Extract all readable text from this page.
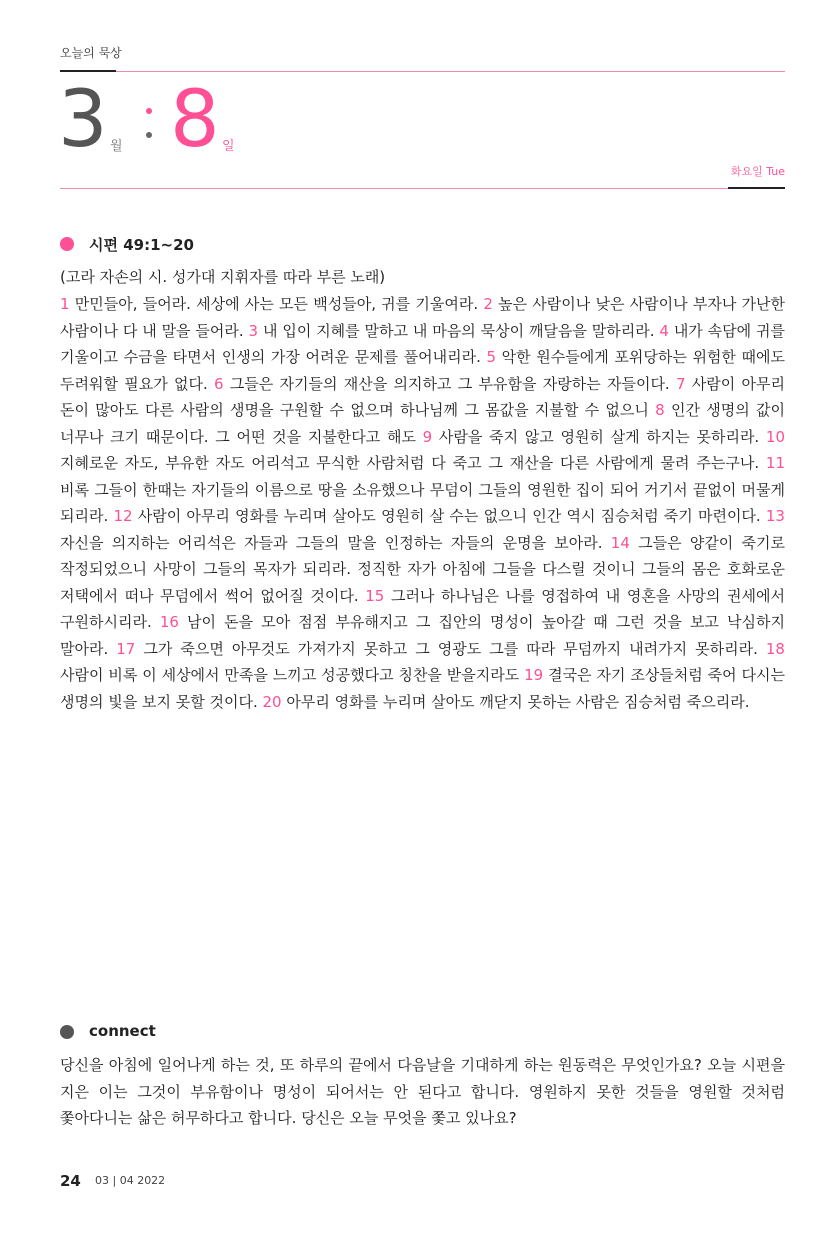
오늘의 묵상
3 월 8 일
화요일 Tue
시편 49:1~20
(고라 자손의 시. 성가대 지휘자를 따라 부른 노래)
1 만민들아, 들어라. 세상에 사는 모든 백성들아, 귀를 기울여라. 2 높은 사람이나 낮은 사람이나 부자나 가난한 사람이나 다 내 말을 들어라. 3 내 입이 지혜를 말하고 내 마음의 묵상이 깨달음을 말하리라. 4 내가 속담에 귀를 기울이고 수금을 타면서 인생의 가장 어려운 문제를 풀어내리라. 5 악한 원수들에게 포위당하는 위험한 때에도 두려워할 필요가 없다. 6 그들은 자기들의 재산을 의지하고 그 부유함을 자랑하는 자들이다. 7 사람이 아무리 돈이 많아도 다른 사람의 생명을 구원할 수 없으며 하나님께 그 몸값을 지불할 수 없으니 8 인간 생명의 값이 너무나 크기 때문이다. 그 어떤 것을 지불한다고 해도 9 사람을 죽지 않고 영원히 살게 하지는 못하리라. 10 지혜로운 자도, 부유한 자도 어리석고 무식한 사람처럼 다 죽고 그 재산을 다른 사람에게 물려 주는구나. 11 비록 그들이 한때는 자기들의 이름으로 땅을 소유했으나 무덤이 그들의 영원한 집이 되어 거기서 끝없이 머물게 되리라. 12 사람이 아무리 영화를 누리며 살아도 영원히 살 수는 없으니 인간 역시 짐승처럼 죽기 마련이다. 13 자신을 의지하는 어리석은 자들과 그들의 말을 인정하는 자들의 운명을 보아라. 14 그들은 양같이 죽기로 작정되었으니 사망이 그들의 목자가 되리라. 정직한 자가 아침에 그들을 다스릴 것이니 그들의 몸은 호화로운 저택에서 떠나 무덤에서 썩어 없어질 것이다. 15 그러나 하나님은 나를 영접하여 내 영혼을 사망의 권세에서 구원하시리라. 16 남이 돈을 모아 점점 부유해지고 그 집안의 명성이 높아갈 때 그런 것을 보고 낙심하지 말아라. 17 그가 죽으면 아무것도 가져가지 못하고 그 영광도 그를 따라 무덤까지 내려가지 못하리라. 18 사람이 비록 이 세상에서 만족을 느끼고 성공했다고 칭찬을 받을지라도 19 결국은 자기 조상들처럼 죽어 다시는 생명의 빛을 보지 못할 것이다. 20 아무리 영화를 누리며 살아도 깨닫지 못하는 사람은 짐승처럼 죽으리라.
connect
당신을 아침에 일어나게 하는 것, 또 하루의 끝에서 다음날을 기대하게 하는 원동력은 무엇인가요? 오늘 시편을 지은 이는 그것이 부유함이나 명성이 되어서는 안 된다고 합니다. 영원하지 못한 것들을 영원할 것처럼 쫓아다니는 삶은 허무하다고 합니다. 당신은 오늘 무엇을 쫓고 있나요?
24 03 | 04 2022
